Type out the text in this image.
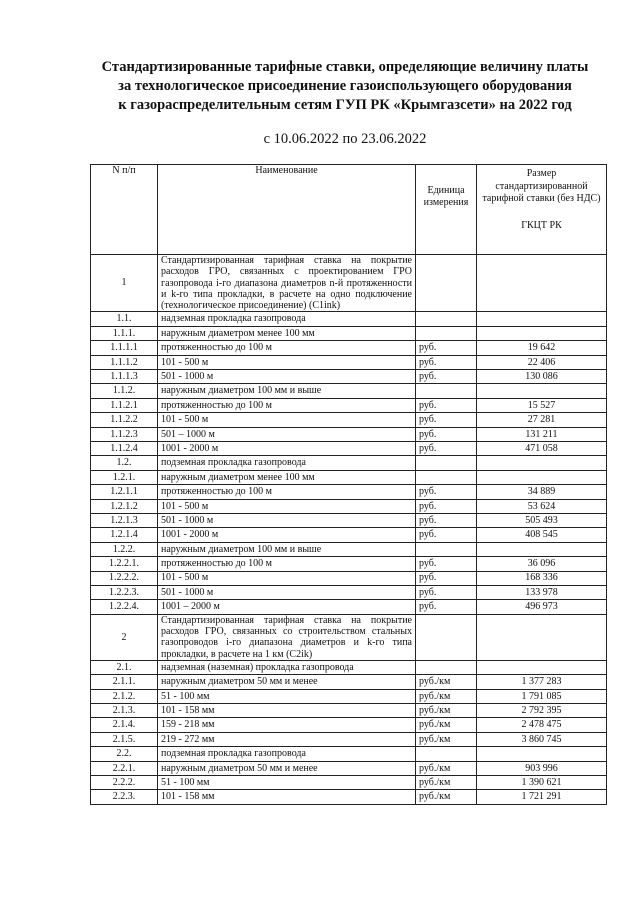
Стандартизированные тарифные ставки, определяющие величину платы
за технологическое присоединение газоиспользующего оборудования
к газораспределительным сетям ГУП РК «Крымгазсети» на 2022 год
с 10.06.2022 по 23.06.2022
N п/п	Наименование	Единица измерения	Размер стандартизированной тарифной ставки (без НДС)
ГКЦТ РК

1	Стандартизированная тарифная ставка на покрытие расходов ГРО, связанных с проектированием ГРО газопровода i-го диапазона диаметров n-й протяженности и k-го типа прокладки, в расчете на одно подключение (технологическое присоединение) (C1ink)		
1.1.	надземная прокладка газопровода		
1.1.1.	наружным диаметром менее 100 мм		
1.1.1.1	протяженностью до 100 м	руб.	19 642
1.1.1.2	101 - 500 м	руб.	22 406
1.1.1.3	501 - 1000 м	руб.	130 086
1.1.2.	наружным диаметром 100 мм и выше		
1.1.2.1	протяженностью до 100 м	руб.	15 527
1.1.2.2	101 - 500 м	руб.	27 281
1.1.2.3	501 – 1000 м	руб.	131 211
1.1.2.4	1001 - 2000 м	руб.	471 058
1.2.	подземная прокладка газопровода		
1.2.1.	наружным диаметром менее 100 мм		
1.2.1.1	протяженностью до 100 м	руб.	34 889
1.2.1.2	101 - 500 м	руб.	53 624
1.2.1.3	501 - 1000 м	руб.	505 493
1.2.1.4	1001 - 2000 м	руб.	408 545
1.2.2.	наружным диаметром 100 мм и выше		
1.2.2.1.	протяженностью до 100 м	руб.	36 096
1.2.2.2.	101 - 500 м	руб.	168 336
1.2.2.3.	501 - 1000 м	руб.	133 978
1.2.2.4.	1001 – 2000 м	руб.	496 973
2	Стандартизированная тарифная ставка на покрытие расходов ГРО, связанных со строительством стальных газопроводов i-го диапазона диаметров и k-го типа прокладки, в расчете на 1 км (C2ik)		
2.1.	надземная (наземная) прокладка газопровода		
2.1.1.	наружным диаметром 50 мм и менее	руб./км	1 377 283
2.1.2.	51 - 100 мм	руб./км	1 791 085
2.1.3.	101 - 158 мм	руб./км	2 792 395
2.1.4.	159 - 218 мм	руб./км	2 478 475
2.1.5.	219 - 272 мм	руб./км	3 860 745
2.2.	подземная прокладка газопровода		
2.2.1.	наружным диаметром 50 мм и менее	руб./км	903 996
2.2.2.	51 - 100 мм	руб./км	1 390 621
2.2.3.	101 - 158 мм	руб./км	1 721 291
